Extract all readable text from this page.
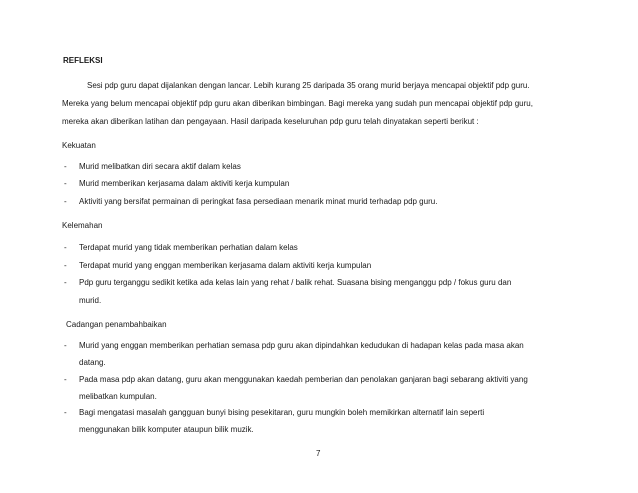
REFLEKSI
Sesi pdp guru dapat dijalankan dengan lancar. Lebih kurang 25 daripada 35 orang murid berjaya mencapai objektif pdp guru.
Mereka yang belum mencapai objektif pdp guru akan diberikan bimbingan. Bagi mereka yang sudah pun mencapai objektif pdp guru,
mereka akan diberikan latihan dan pengayaan. Hasil daripada keseluruhan pdp guru telah dinyatakan seperti berikut :
Kekuatan
- Murid melibatkan diri secara aktif dalam kelas
- Murid memberikan kerjasama dalam aktiviti kerja kumpulan
- Aktiviti yang bersifat permainan di peringkat fasa persediaan menarik minat murid terhadap pdp guru.
Kelemahan
- Terdapat murid yang tidak memberikan perhatian dalam kelas
- Terdapat murid yang enggan memberikan kerjasama dalam aktiviti kerja kumpulan
- Pdp guru terganggu sedikit ketika ada kelas lain yang rehat / balik rehat. Suasana bising menganggu pdp / fokus guru dan
murid.
Cadangan penambahbaikan
- Murid yang enggan memberikan perhatian semasa pdp guru akan dipindahkan kedudukan di hadapan kelas pada masa akan
datang.
- Pada masa pdp akan datang, guru akan menggunakan kaedah pemberian dan penolakan ganjaran bagi sebarang aktiviti yang
melibatkan kumpulan.
- Bagi mengatasi masalah gangguan bunyi bising pesekitaran, guru mungkin boleh memikirkan alternatif lain seperti
menggunakan bilik komputer ataupun bilik muzik.
7
